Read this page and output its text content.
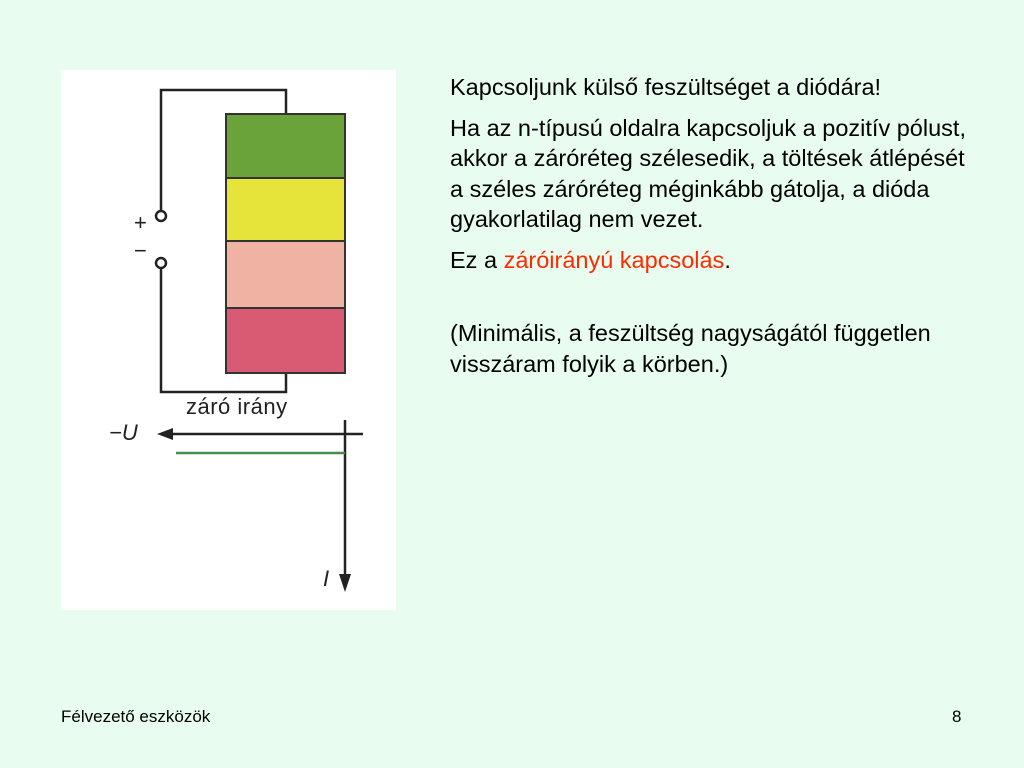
+
−
záró irány
−U
I

Kapcsoljunk külső feszültséget a diódára!

Ha az n-típusú oldalra kapcsoljuk a pozitív pólust, akkor a záróréteg szélesedik, a töltések átlépését a széles záróréteg méginkább gátolja, a dióda gyakorlatilag nem vezet.

Ez a záróirányú kapcsolás.

(Minimális, a feszültség nagyságától független visszáram folyik a körben.)

Félvezető eszközök	8
